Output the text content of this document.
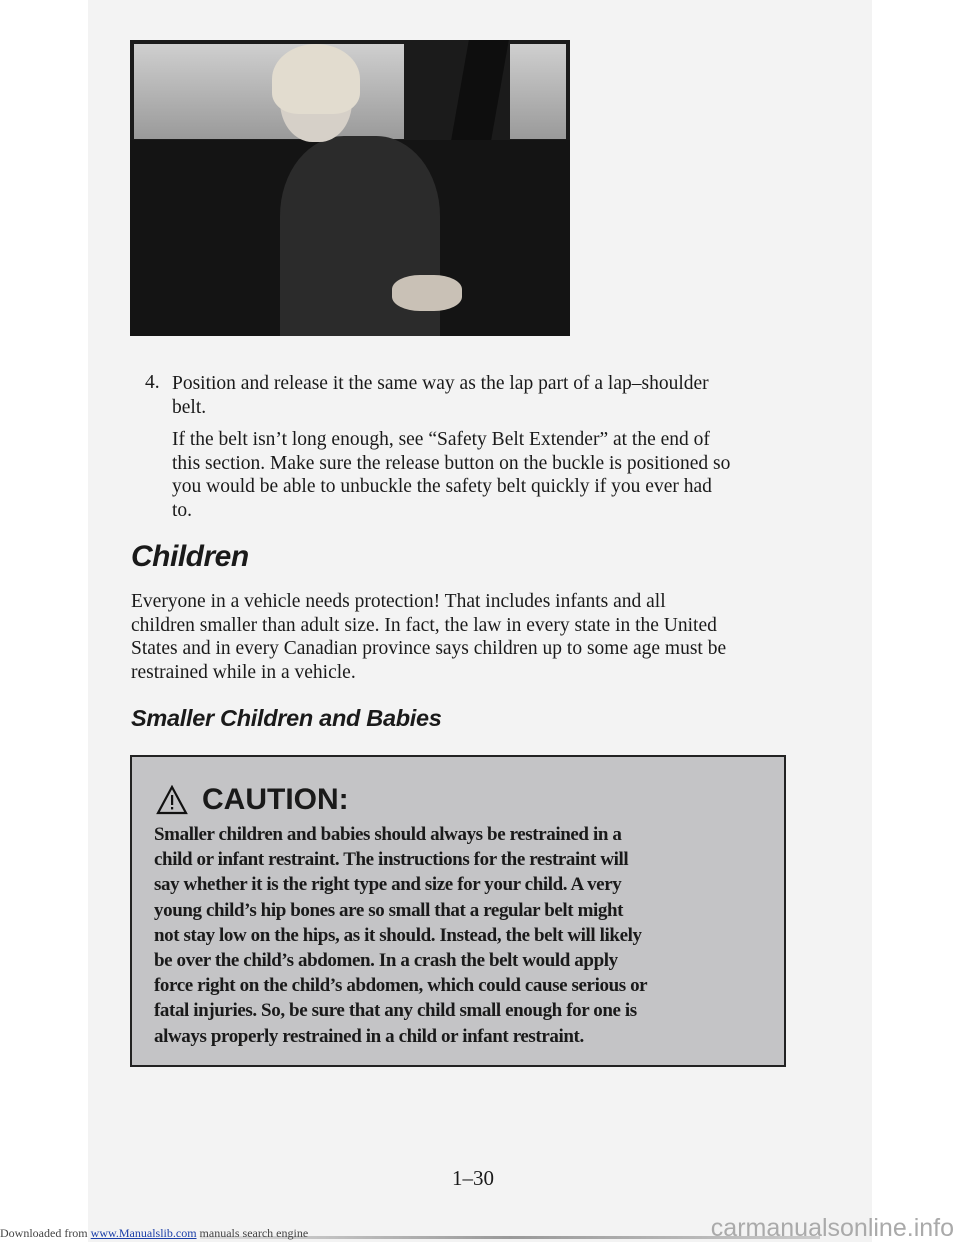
4. Position and release it the same way as the lap part of a lap–shoulder
belt.
If the belt isn’t long enough, see “Safety Belt Extender” at the end of
this section. Make sure the release button on the buckle is positioned so
you would be able to unbuckle the safety belt quickly if you ever had
to.
Children
Everyone in a vehicle needs protection! That includes infants and all
children smaller than adult size. In fact, the law in every state in the United
States and in every Canadian province says children up to some age must be
restrained while in a vehicle.
Smaller Children and Babies
CAUTION:
Smaller children and babies should always be restrained in a
child or infant restraint. The instructions for the restraint will
say whether it is the right type and size for your child. A very
young child’s hip bones are so small that a regular belt might
not stay low on the hips, as it should. Instead, the belt will likely
be over the child’s abdomen. In a crash the belt would apply
force right on the child’s abdomen, which could cause serious or
fatal injuries. So, be sure that any child small enough for one is
always properly restrained in a child or infant restraint.
1–30
Downloaded from www.Manualslib.com manuals search engine	carmanualsonline.info
